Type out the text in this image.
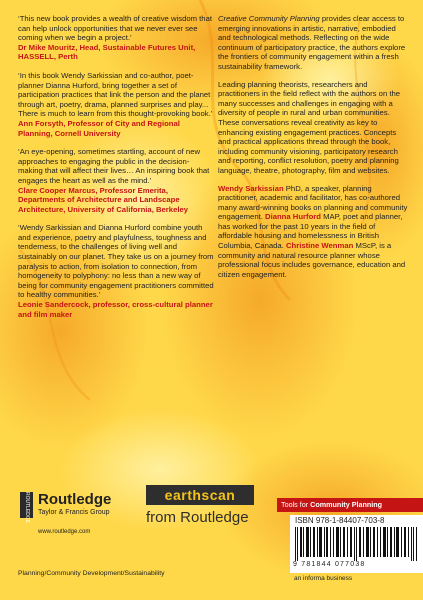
‘This new book provides a wealth of creative wisdom that can help unlock opportunities that we never ever see coming when we begin a project.’
Dr Mike Mouritz, Head, Sustainable Futures Unit, HASSELL, Perth
‘In this book Wendy Sarkissian and co-author, poet-planner Dianna Hurford, bring together a set of participation practices that link the person and the planet through art, poetry, drama, planned surprises and play... There is much to learn from this thought-provoking book.’
Ann Forsyth, Professor of City and Regional Planning, Cornell University
‘An eye-opening, sometimes startling, account of new approaches to engaging the public in the decision-making that will affect their lives… An inspiring book that engages the heart as well as the mind.’
Clare Cooper Marcus, Professor Emerita, Departments of Architecture and Landscape Architecture, University of California, Berkeley
‘Wendy Sarkissian and Dianna Hurford combine youth and experience, poetry and playfulness, toughness and tenderness, to the challenges of living well and sustainably on our planet. They take us on a journey from paralysis to action, from isolation to connection, from homogeneity to polyphony: no less than a new way of being for community engagement practitioners committed to healthy communities.’
Leonie Sandercock, professor, cross-cultural planner and film maker

Creative Community Planning provides clear access to emerging innovations in artistic, narrative, embodied and technological methods. Reflecting on the wide continuum of participatory practice, the authors explore the frontiers of community engagement within a fresh sustainability framework.

Leading planning theorists, researchers and practitioners in the field reflect with the authors on the many successes and challenges in engaging with a diversity of people in rural and urban communities. These conversations reveal creativity as key to enhancing existing engagement practices. Concepts and practical applications thread through the book, including community visioning, participatory research and reporting, conflict resolution, poetry and planning language, theatre, photography, film and websites.

Wendy Sarkissian PhD, a speaker, planning practitioner, academic and facilitator, has co-authored many award-winning books on planning and community engagement. Dianna Hurford MAP, poet and planner, has worked for the past 10 years in the field of affordable housing and homelessness in British Columbia, Canada. Christine Wenman MScP, is a community and natural resource planner whose professional focus includes governance, education and citizen engagement.

ROUTLEDGE Routledge
Taylor & Francis Group
www.routledge.com
earthscan
from Routledge
Tools for Community Planning
ISBN 978-1-84407-703-8
9 781844 077038
an informa business
Planning/Community Development/Sustainability
